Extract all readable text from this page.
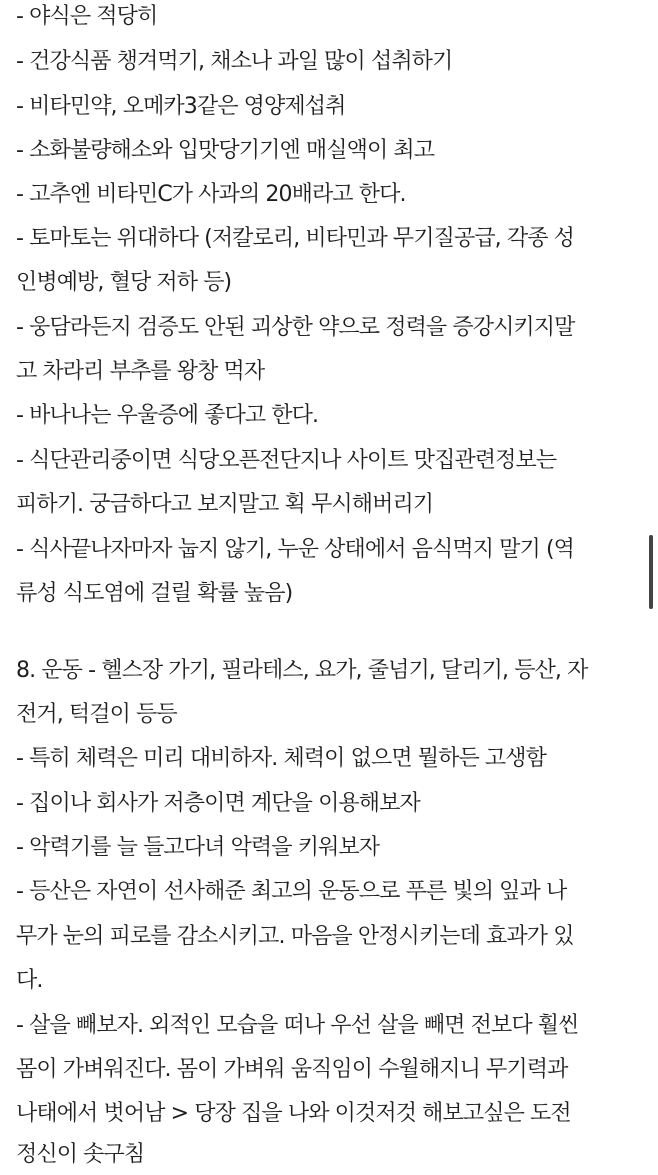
- 야식은 적당히
- 건강식품 챙겨먹기, 채소나 과일 많이 섭취하기
- 비타민약, 오메카3같은 영양제섭취
- 소화불량해소와 입맛당기기엔 매실액이 최고
- 고추엔 비타민C가 사과의 20배라고 한다.
- 토마토는 위대하다 (저칼로리, 비타민과 무기질공급, 각종 성
인병예방, 혈당 저하 등)
- 웅담라든지 검증도 안된 괴상한 약으로 정력을 증강시키지말
고 차라리 부추를 왕창 먹자
- 바나나는 우울증에 좋다고 한다.
- 식단관리중이면 식당오픈전단지나 사이트 맛집관련정보는
피하기. 궁금하다고 보지말고 획 무시해버리기
- 식사끝나자마자 눕지 않기, 누운 상태에서 음식먹지 말기 (역
류성 식도염에 걸릴 확률 높음)
8. 운동 - 헬스장 가기, 필라테스, 요가, 줄넘기, 달리기, 등산, 자
전거, 턱걸이 등등
- 특히 체력은 미리 대비하자. 체력이 없으면 뭘하든 고생함
- 집이나 회사가 저층이면 계단을 이용해보자
- 악력기를 늘 들고다녀 악력을 키워보자
- 등산은 자연이 선사해준 최고의 운동으로 푸른 빛의 잎과 나
무가 눈의 피로를 감소시키고. 마음을 안정시키는데 효과가 있
다.
- 살을 빼보자. 외적인 모습을 떠나 우선 살을 빼면 전보다 훨씬
몸이 가벼워진다. 몸이 가벼워 움직임이 수월해지니 무기력과
나태에서 벗어남 > 당장 집을 나와 이것저것 해보고싶은 도전
정신이 솟구침
